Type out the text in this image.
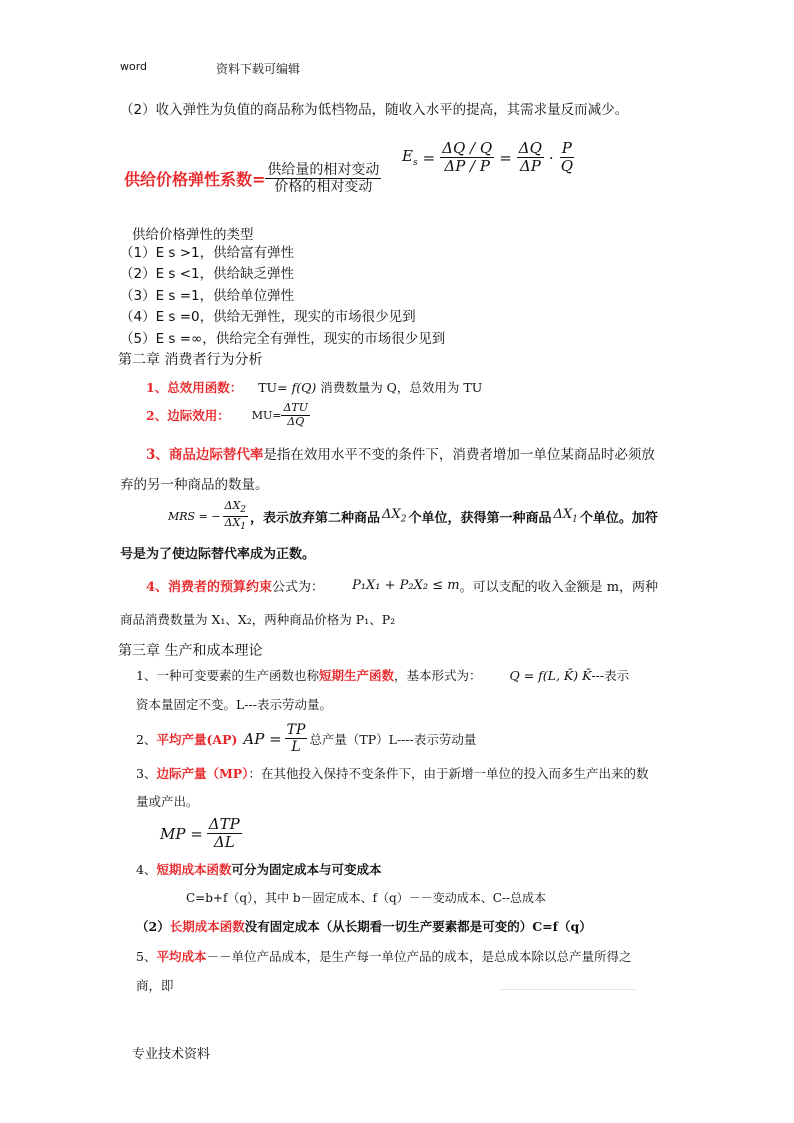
word	资料下载可编辑
（2）收入弹性为负值的商品称为低档物品，随收入水平的提高，其需求量反而减少。
供给价格弹性系数= $\frac{\text{供给量的相对变动}}{\text{价格的相对变动}}$
$E_s = \frac{\Delta Q / Q}{\Delta P / P} = \frac{\Delta Q}{\Delta P} \cdot \frac{P}{Q}$
供给价格弹性的类型
（1）E s >1，供给富有弹性
（2）E s <1，供给缺乏弹性
（3）E s =1，供给单位弹性
（4）E s =0，供给无弹性，现实的市场很少见到
（5）E s =∞，供给完全有弹性，现实的市场很少见到
第二章 消费者行为分析
1、总效用函数： TU= f(Q) 消费数量为 Q，总效用为 TU
2、边际效用： $MU= \frac{\text{ΔTU}}{\Delta Q}$
3、商品边际替代率是指在效用水平不变的条件下，消费者增加一单位某商品时必须放
弃的另一种商品的数量。
MRS = − $\frac{\Delta X_2}{\Delta X_1}$ ，表示放弃第二种商品 $\Delta X_2$ 个单位，获得第一种商品 $\Delta X_1$ 个单位。加符
号是为了使边际替代率成为正数。
4、消费者的预算约束 公式为： P₁X₁ + P₂X₂ ≤ m 。可以支配的收入金额是 m，两种
商品消费数量为 X₁、X₂，两种商品价格为 P₁、P₂
第三章 生产和成本理论
1、一种可变要素的生产函数也称 短期生产函数 ，基本形式为： Q = f(L, K̄) K̄ ---表示
资本量固定不变。L---表示劳动量。
2、 平均产量(AP) AP = $\frac{TP}{L}$ 总产量（TP）L----表示劳动量
3、边际产量（MP）：在其他投入保持不变条件下，由于新增一单位的投入而多生产出来的数
量或产出。
MP = $\frac{\text{ΔTP}}{\Delta L}$
4、短期成本函数可分为固定成本与可变成本
C=b+f（q），其中 b－固定成本、f（q）－－变动成本、C--总成本
（2）长期成本函数没有固定成本（从长期看一切生产要素都是可变的）C=f（q）
5、平均成本－－单位产品成本，是生产每一单位产品的成本，是总成本除以总产量所得之
商，即
专业技术资料
